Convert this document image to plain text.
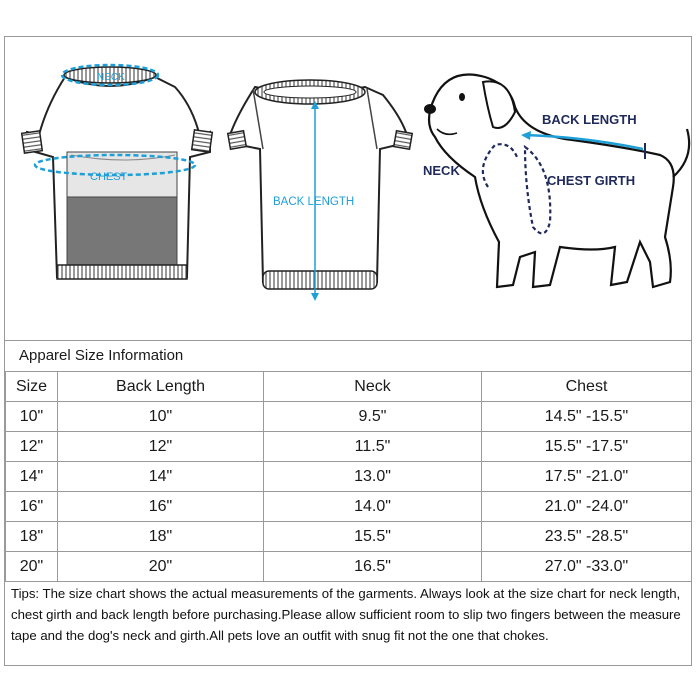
NECK
CHEST
BACK LENGTH
BACK LENGTH
NECK
CHEST GIRTH
Apparel Size Information
Size	Back Length	Neck	Chest
10"	10"	9.5"	14.5" -15.5"
12"	12"	11.5"	15.5" -17.5"
14"	14"	13.0"	17.5" -21.0"
16"	16"	14.0"	21.0" -24.0"
18"	18"	15.5"	23.5" -28.5"
20"	20"	16.5"	27.0" -33.0"
Tips: The size chart shows the actual measurements of the garments. Always look at the size chart for neck length, chest girth and back length before purchasing.Please allow sufficient room to slip two fingers between the measure tape and the dog's neck and girth.All pets love an outfit with snug fit not the one that chokes.
